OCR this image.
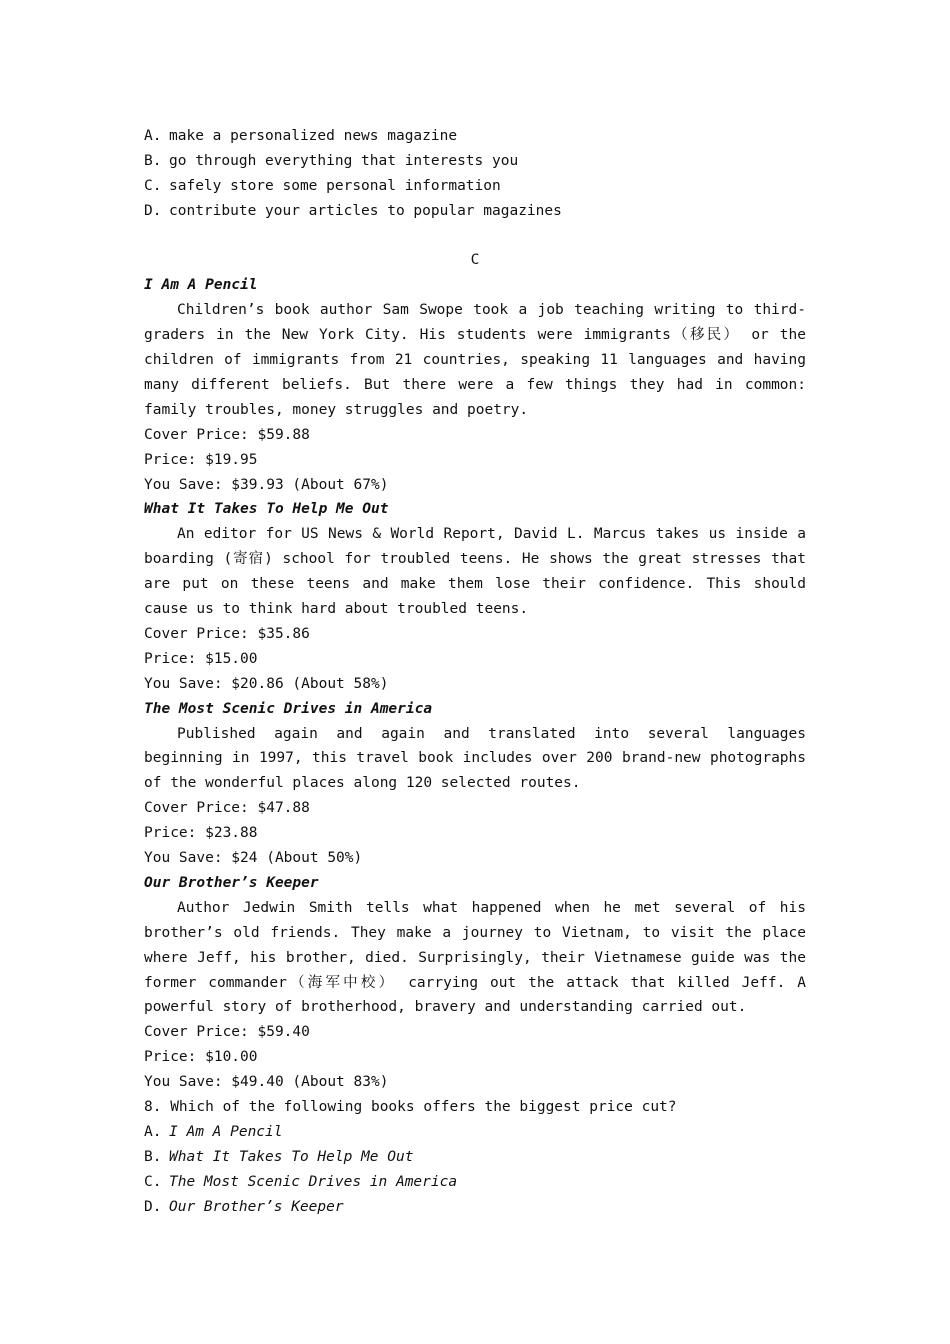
A. make a personalized news magazine
B. go through everything that interests you
C. safely store some personal information
D. contribute your articles to popular magazines
C
I Am A Pencil
Children’s book author Sam Swope took a job teaching writing to third-graders in the New York City. His students were immigrants（移民） or the children of immigrants from 21 countries, speaking 11 languages and having many different beliefs. But there were a few things they had in common: family troubles, money struggles and poetry.
Cover Price: $59.88
Price: $19.95
You Save: $39.93 (About 67%)
What It Takes To Help Me Out
An editor for US News & World Report, David L. Marcus takes us inside a boarding (寄宿) school for troubled teens. He shows the great stresses that are put on these teens and make them lose their confidence. This should cause us to think hard about troubled teens.
Cover Price: $35.86
Price: $15.00
You Save: $20.86 (About 58%)
The Most Scenic Drives in America
Published again and again and translated into several languages beginning in 1997, this travel book includes over 200 brand-new photographs of the wonderful places along 120 selected routes.
Cover Price: $47.88
Price: $23.88
You Save: $24 (About 50%)
Our Brother’s Keeper
Author Jedwin Smith tells what happened when he met several of his brother’s old friends. They make a journey to Vietnam, to visit the place where Jeff, his brother, died. Surprisingly, their Vietnamese guide was the former commander（海军中校） carrying out the attack that killed Jeff. A powerful story of brotherhood, bravery and understanding carried out.
Cover Price: $59.40
Price: $10.00
You Save: $49.40 (About 83%)
8. Which of the following books offers the biggest price cut?
A. I Am A Pencil
B. What It Takes To Help Me Out
C. The Most Scenic Drives in America
D. Our Brother’s Keeper
